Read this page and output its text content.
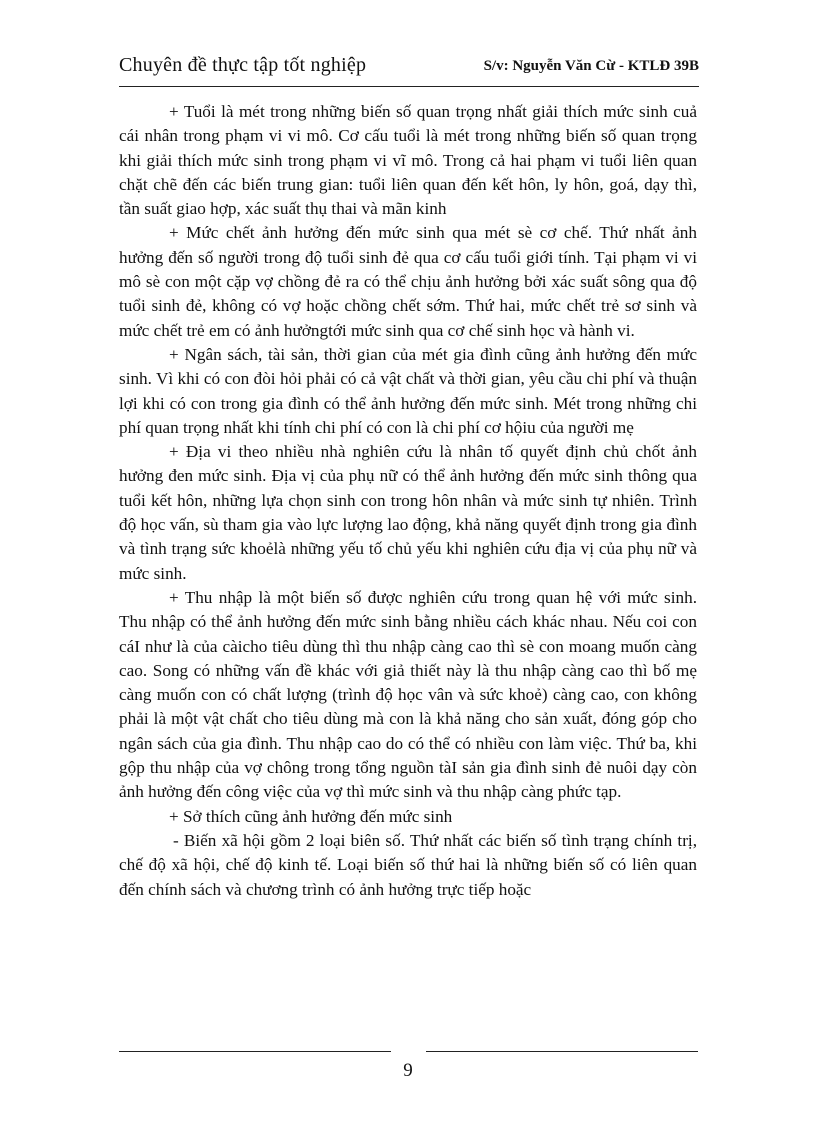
Chuyên đề thực tập tốt nghiệp	S/v: Nguyễn Văn Cừ - KTLĐ 39B

+ Tuổi là mét trong những biến số quan trọng nhất giải thích mức sinh cuả cái nhân trong phạm vi vi mô. Cơ cấu tuổi là mét trong những biến số quan trọng khi giải thích mức sinh trong phạm vi vĩ mô. Trong cả hai phạm vi tuổi liên quan chặt chẽ đến các biến trung gian: tuổi liên quan đến kết hôn, ly hôn, goá, dạy thì, tần suất giao hợp, xác suất thụ thai và mãn kinh

+ Mức chết ảnh hưởng đến mức sinh qua mét sè cơ chế. Thứ nhất ảnh hưởng đến số người trong độ tuổi sinh đẻ qua cơ cấu tuổi giới tính. Tại phạm vi vi mô sè con một cặp vợ chồng đẻ ra có thể chịu ảnh hưởng bởi xác suất sông qua độ tuổi sinh đẻ, không có vợ hoặc chồng chết sớm. Thứ hai, mức chết trẻ sơ sinh và mức chết trẻ em có ảnh hưởngtới mức sinh qua cơ chế sinh học và hành vi.

+ Ngân sách, tài sản, thời gian của mét gia đình cũng ảnh hưởng đến mức sinh. Vì khi có con đòi hỏi phải có cả vật chất và thời gian, yêu cầu chi phí và thuận lợi khi có con trong gia đình có thể ảnh hưởng đến mức sinh. Mét trong những chi phí quan trọng nhất khi tính chi phí có con là chi phí cơ hộiu của người mẹ

+ Địa vi theo nhiều nhà nghiên cứu là nhân tố quyết định chủ chốt ảnh hưởng đen mức sinh. Địa vị của phụ nữ có thể ảnh hưởng đến mức sinh thông qua tuổi kết hôn, những lựa chọn sinh con trong hôn nhân và mức sinh tự nhiên. Trình độ học vấn, sù tham gia vào lực lượng lao động, khả năng quyết định trong gia đình và tình trạng sức khoẻlà những yếu tố chủ yếu khi nghiên cứu địa vị của phụ nữ và mức sinh.

+ Thu nhập là một biến số được nghiên cứu trong quan hệ với mức sinh. Thu nhập có thể ảnh hưởng đến mức sinh bằng nhiều cách khác nhau. Nếu coi con cáI như là của càicho tiêu dùng thì thu nhập càng cao thì sè con moang muốn càng cao. Song có những vấn đề khác với giả thiết này là thu nhập càng cao thì bố mẹ càng muốn con có chất lượng (trình độ học vân và sức khoẻ) càng cao, con không phải là một vật chất cho tiêu dùng mà con là khả năng cho sản xuất, đóng góp cho ngân sách của gia đình. Thu nhập cao do có thể có nhiều con làm việc. Thứ ba, khi gộp thu nhập của vợ chông trong tổng nguồn tàI sản gia đình sinh đẻ nuôi dạy còn ảnh hưởng đến công việc của vợ thì mức sinh và thu nhập càng phức tạp.

+ Sở thích cũng ảnh hưởng đến mức sinh

- Biến xã hội gồm 2 loại biên số. Thứ nhất các biến số tình trạng chính trị, chế độ xã hội, chế độ kinh tế. Loại biến số thứ hai là những biến số có liên quan đến chính sách và chương trình có ảnh hưởng trực tiếp hoặc

9
